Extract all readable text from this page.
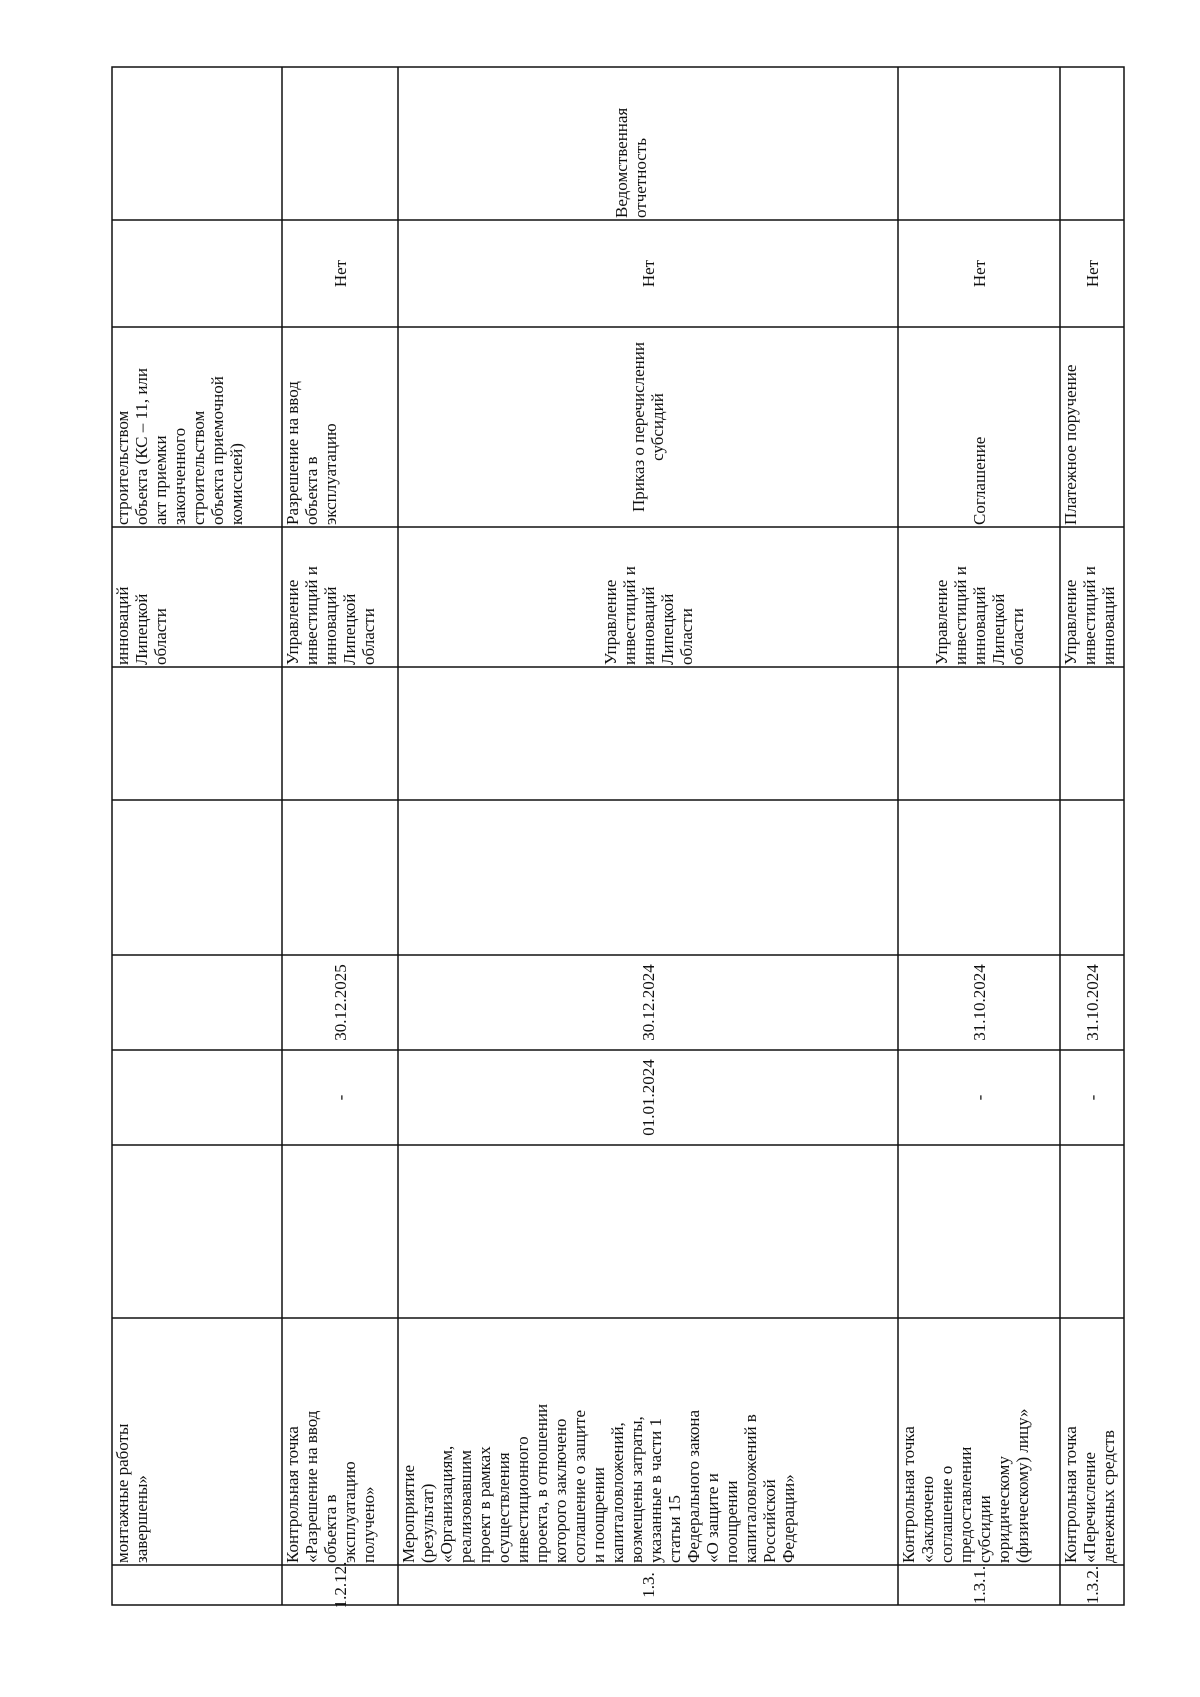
монтажные работы
завершены»

инноваций
Липецкой
области

строительством
объекта (КС – 11, или
акт приемки
законченного
строительством
объекта приемочной
комиссией)

1.2.12.

Контрольная точка
«Разрешение на ввод
объекта в
эксплуатацию
получено»

-

30.12.2025

Управление
инвестиций и
инноваций
Липецкой
области

Разрешение на ввод
объекта в
эксплуатацию

Нет

1.3.

Мероприятие
(результат)
«Организациям,
реализовавшим
проект в рамках
осуществления
инвестиционного
проекта, в отношении
которого заключено
соглашение о защите
и поощрении
капиталовложений,
возмещены затраты,
указанные в части 1
статьи 15
Федерального закона
«О защите и
поощрении
капиталовложений в
Российской
Федерации»

01.01.2024

30.12.2024

Управление
инвестиций и
инноваций
Липецкой
области

Приказ о перечислении
субсидий

Нет

Ведомственная
отчетность

1.3.1.

Контрольная точка
«Заключено
соглашение о
предоставлении
субсидии
юридическому
(физическому) лицу»

-

31.10.2024

Управление
инвестиций и
инноваций
Липецкой
области

Соглашение

Нет

1.3.2.

Контрольная точка
«Перечисление
денежных средств

-

31.10.2024

Управление
инвестиций и
инноваций

Платежное поручение

Нет
